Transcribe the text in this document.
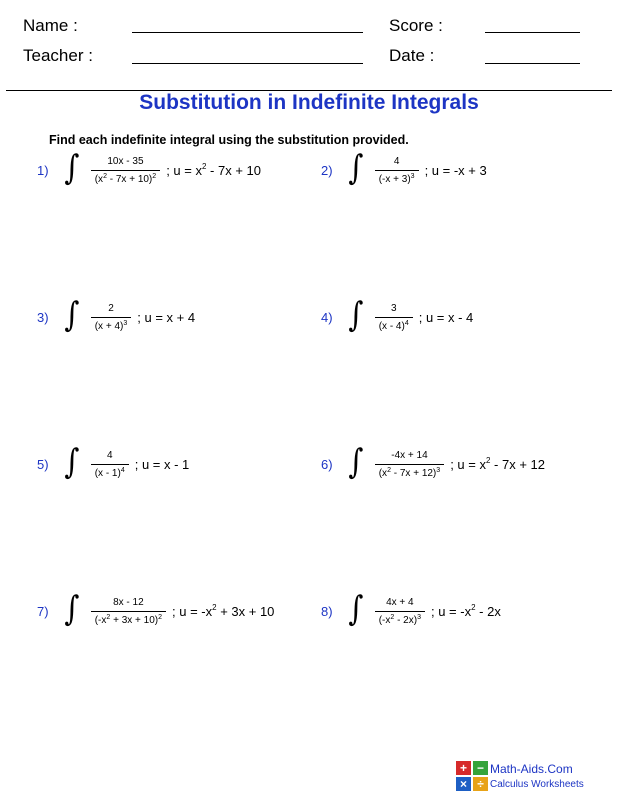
Name :	Score :
Teacher :	Date :
Substitution in Indefinite Integrals
Find each indefinite integral using the substitution provided.
1) ∫ $\frac{10x - 35}{(x^2 - 7x + 10)^2}$ ; $u = x^2 - 7x + 10$	2) ∫ $\frac{4}{(-x + 3)^3}$ ; u = -x + 3
3) ∫ $\frac{2}{(x + 4)^3}$ ; u = x + 4	4) ∫ $\frac{3}{(x - 4)^4}$ ; u = x - 4
5) ∫ $\frac{4}{(x - 1)^4}$ ; u = x - 1	6) ∫ $\frac{-4x + 14}{(x^2 - 7x + 12)^3}$ ; $u = x^2 - 7x + 12$
7) ∫ $\frac{8x - 12}{(-x^2 + 3x + 10)^2}$ ; $u = -x^2 + 3x + 10$	8) ∫ $\frac{4x + 4}{(-x^2 - 2x)^3}$ ; $u = -x^2 - 2x$
+ −
× ÷
Math-Aids.Com
Calculus Worksheets
